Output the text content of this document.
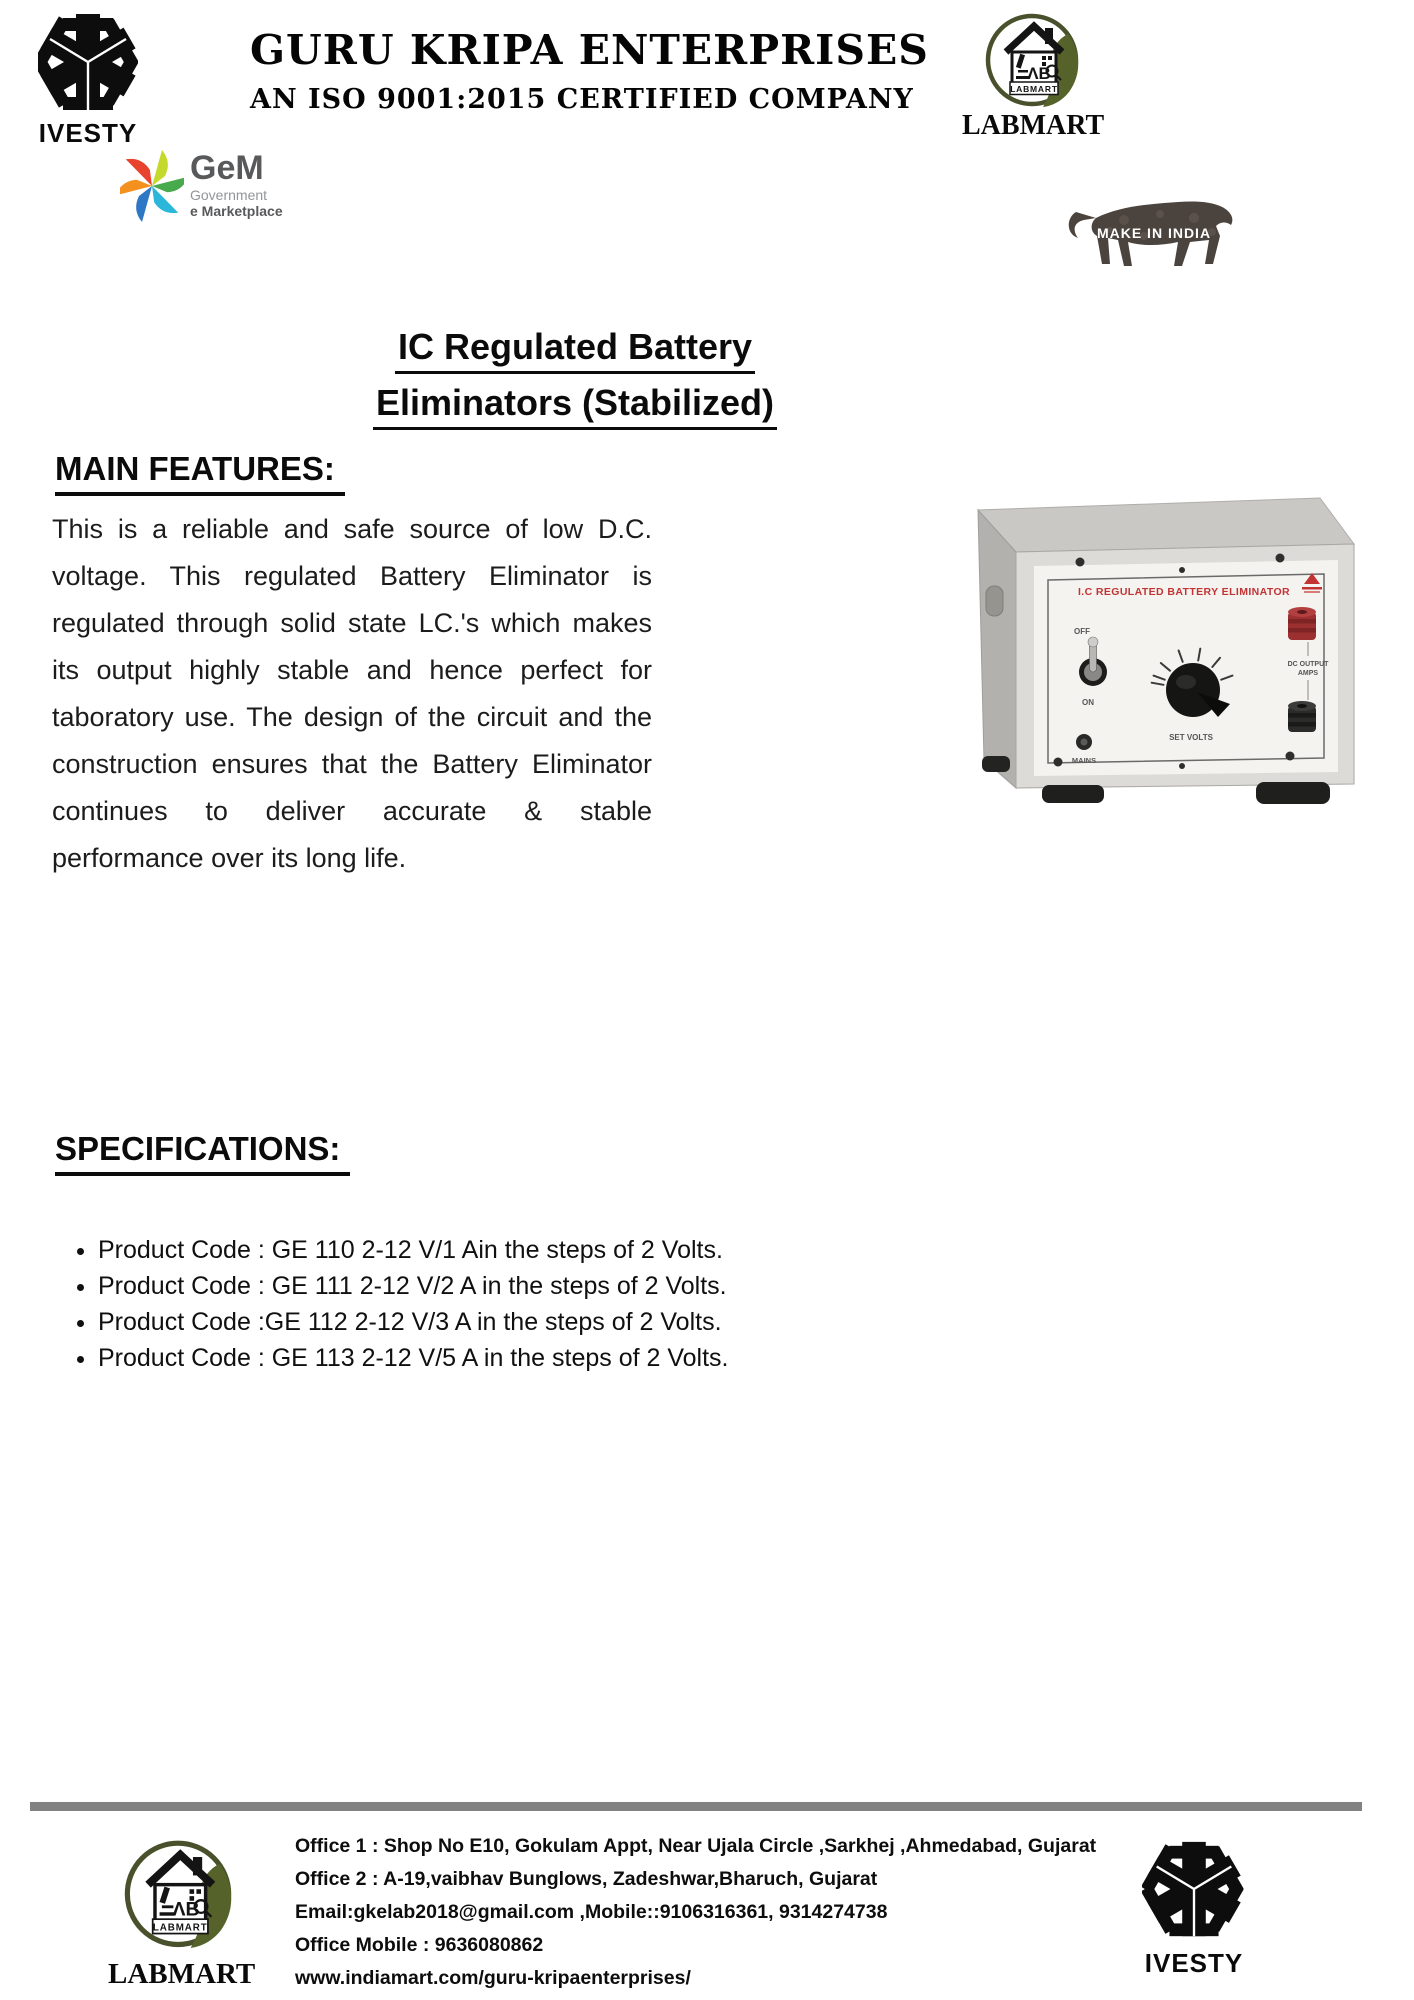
IVESTY
GURU KRIPA ENTERPRISES
AN ISO 9001:2015 CERTIFIED COMPANY
LABMART
GeM
Government
e Marketplace
MAKE IN INDIA
IC Regulated Battery
Eliminators (Stabilized)
MAIN FEATURES:
This is a reliable and safe source of low D.C. voltage. This regulated Battery Eliminator is regulated through solid state LC.'s which makes its output highly stable and hence perfect for taboratory use. The design of the circuit and the construction ensures that the Battery Eliminator continues to deliver accurate & stable performance over its long life.
I.C REGULATED BATTERY ELIMINATOR
OFF
ON
MAINS
SET VOLTS
DC OUTPUT
AMPS
SPECIFICATIONS:
• Product Code : GE 110 2-12 V/1 Ain the steps of 2 Volts.
• Product Code : GE 111 2-12 V/2 A in the steps of 2 Volts.
• Product Code :GE 112 2-12 V/3 A in the steps of 2 Volts.
• Product Code : GE 113 2-12 V/5 A in the steps of 2 Volts.
LABMART
Office 1 : Shop No E10, Gokulam Appt, Near Ujala Circle ,Sarkhej ,Ahmedabad, Gujarat
Office 2 : A-19,vaibhav Bunglows, Zadeshwar,Bharuch, Gujarat
Email:gkelab2018@gmail.com ,Mobile::9106316361, 9314274738
Office Mobile : 9636080862
www.indiamart.com/guru-kripaenterprises/	IVESTY
